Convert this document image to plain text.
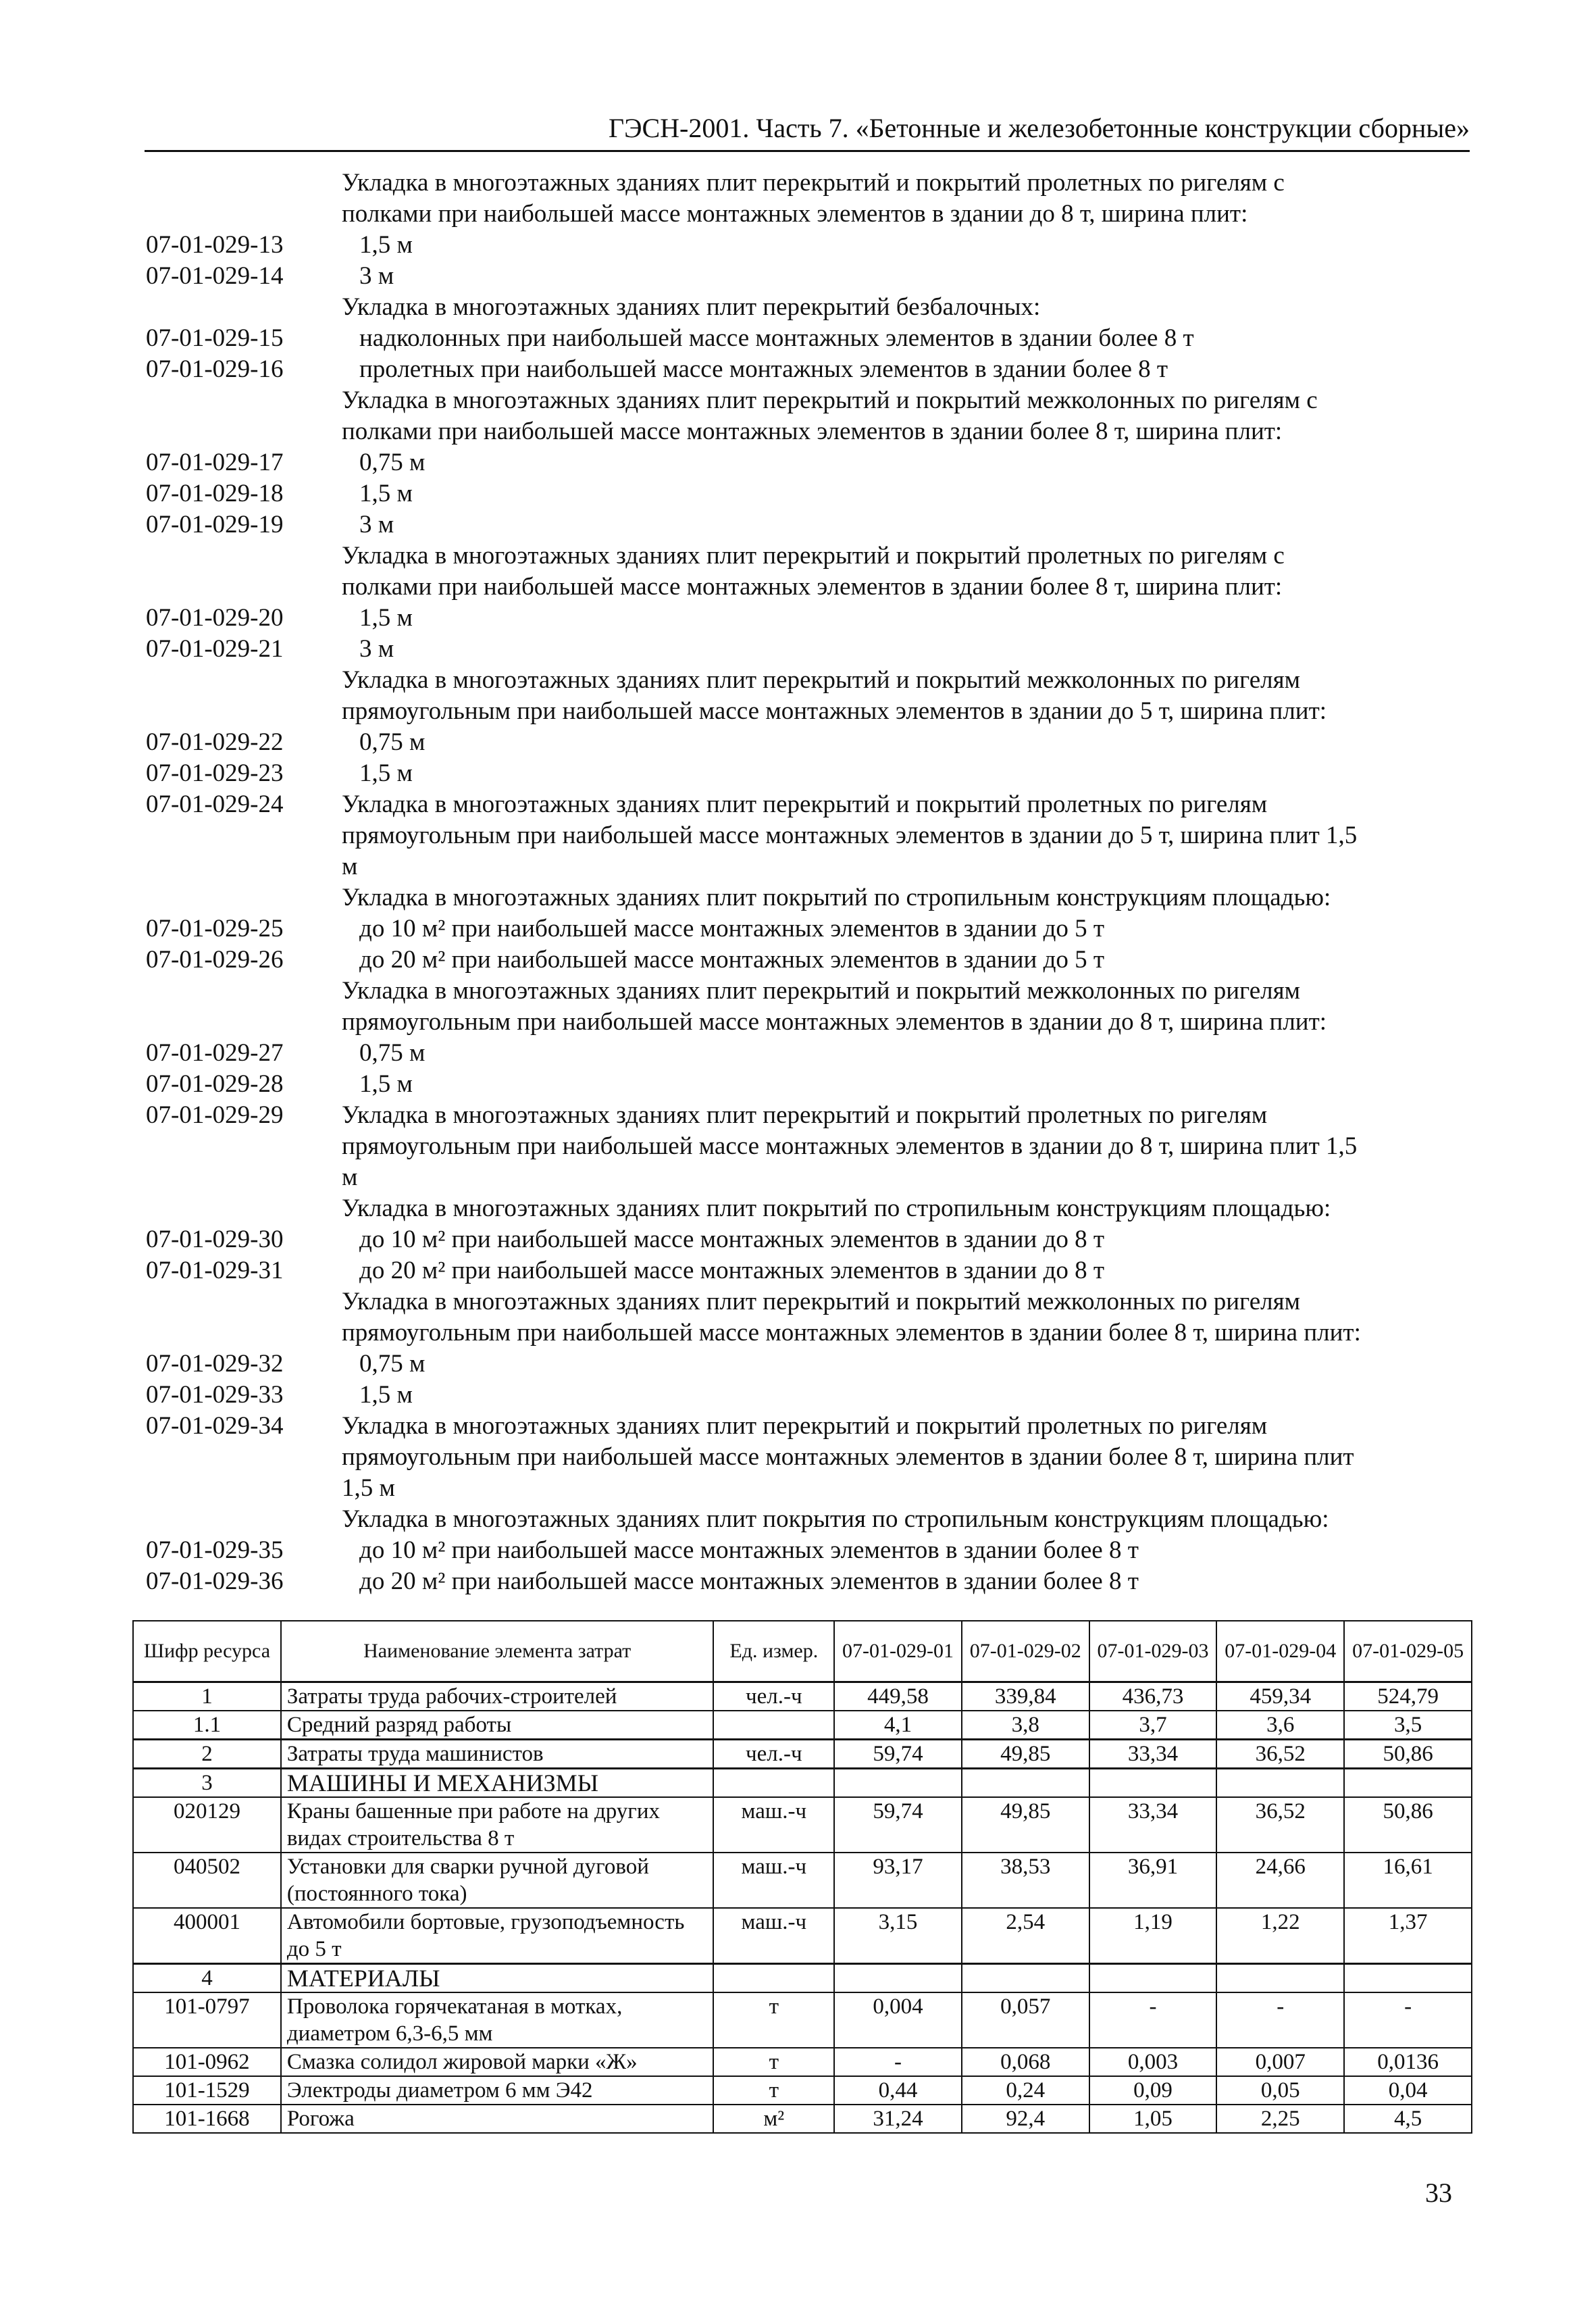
ГЭСН-2001. Часть 7. «Бетонные и железобетонные конструкции сборные»
Укладка в многоэтажных зданиях плит перекрытий и покрытий пролетных по ригелям с
полками при наибольшей массе монтажных элементов в здании до 8 т, ширина плит:
07-01-029-13	1,5 м
07-01-029-14	3 м
Укладка в многоэтажных зданиях плит перекрытий безбалочных:
07-01-029-15	надколонных при наибольшей массе монтажных элементов в здании более 8 т
07-01-029-16	пролетных при наибольшей массе монтажных элементов в здании более 8 т
Укладка в многоэтажных зданиях плит перекрытий и покрытий межколонных по ригелям с
полками при наибольшей массе монтажных элементов в здании более 8 т, ширина плит:
07-01-029-17	0,75 м
07-01-029-18	1,5 м
07-01-029-19	3 м
Укладка в многоэтажных зданиях плит перекрытий и покрытий пролетных по ригелям с
полками при наибольшей массе монтажных элементов в здании более 8 т, ширина плит:
07-01-029-20	1,5 м
07-01-029-21	3 м
Укладка в многоэтажных зданиях плит перекрытий и покрытий межколонных по ригелям
прямоугольным при наибольшей массе монтажных элементов в здании до 5 т, ширина плит:
07-01-029-22	0,75 м
07-01-029-23	1,5 м
07-01-029-24	Укладка в многоэтажных зданиях плит перекрытий и покрытий пролетных по ригелям
прямоугольным при наибольшей массе монтажных элементов в здании до 5 т, ширина плит 1,5
м
Укладка в многоэтажных зданиях плит покрытий по стропильным конструкциям площадью:
07-01-029-25	до 10 м² при наибольшей массе монтажных элементов в здании до 5 т
07-01-029-26	до 20 м² при наибольшей массе монтажных элементов в здании до 5 т
Укладка в многоэтажных зданиях плит перекрытий и покрытий межколонных по ригелям
прямоугольным при наибольшей массе монтажных элементов в здании до 8 т, ширина плит:
07-01-029-27	0,75 м
07-01-029-28	1,5 м
07-01-029-29	Укладка в многоэтажных зданиях плит перекрытий и покрытий пролетных по ригелям
прямоугольным при наибольшей массе монтажных элементов в здании до 8 т, ширина плит 1,5
м
Укладка в многоэтажных зданиях плит покрытий по стропильным конструкциям площадью:
07-01-029-30	до 10 м² при наибольшей массе монтажных элементов в здании до 8 т
07-01-029-31	до 20 м² при наибольшей массе монтажных элементов в здании до 8 т
Укладка в многоэтажных зданиях плит перекрытий и покрытий межколонных по ригелям
прямоугольным при наибольшей массе монтажных элементов в здании более 8 т, ширина плит:
07-01-029-32	0,75 м
07-01-029-33	1,5 м
07-01-029-34	Укладка в многоэтажных зданиях плит перекрытий и покрытий пролетных по ригелям
прямоугольным при наибольшей массе монтажных элементов в здании более 8 т, ширина плит
1,5 м
Укладка в многоэтажных зданиях плит покрытия по стропильным конструкциям площадью:
07-01-029-35	до 10 м² при наибольшей массе монтажных элементов в здании более 8 т
07-01-029-36	до 20 м² при наибольшей массе монтажных элементов в здании более 8 т
Шифр ресурса	Наименование элемента затрат	Ед. измер.	07-01-029-01	07-01-029-02	07-01-029-03	07-01-029-04	07-01-029-05
1	Затраты труда рабочих-строителей	чел.-ч	449,58	339,84	436,73	459,34	524,79
1.1	Средний разряд работы		4,1	3,8	3,7	3,6	3,5
2	Затраты труда машинистов	чел.-ч	59,74	49,85	33,34	36,52	50,86
3	МАШИНЫ И МЕХАНИЗМЫ						
020129	Краны башенные при работе на других видах строительства 8 т	маш.-ч	59,74	49,85	33,34	36,52	50,86
040502	Установки для сварки ручной дуговой (постоянного тока)	маш.-ч	93,17	38,53	36,91	24,66	16,61
400001	Автомобили бортовые, грузоподъемность до 5 т	маш.-ч	3,15	2,54	1,19	1,22	1,37
4	МАТЕРИАЛЫ						
101-0797	Проволока горячекатаная в мотках, диаметром 6,3-6,5 мм	т	0,004	0,057	-	-	-
101-0962	Смазка солидол жировой марки «Ж»	т	-	0,068	0,003	0,007	0,0136
101-1529	Электроды диаметром 6 мм Э42	т	0,44	0,24	0,09	0,05	0,04
101-1668	Рогожа	м²	31,24	92,4	1,05	2,25	4,5
33
